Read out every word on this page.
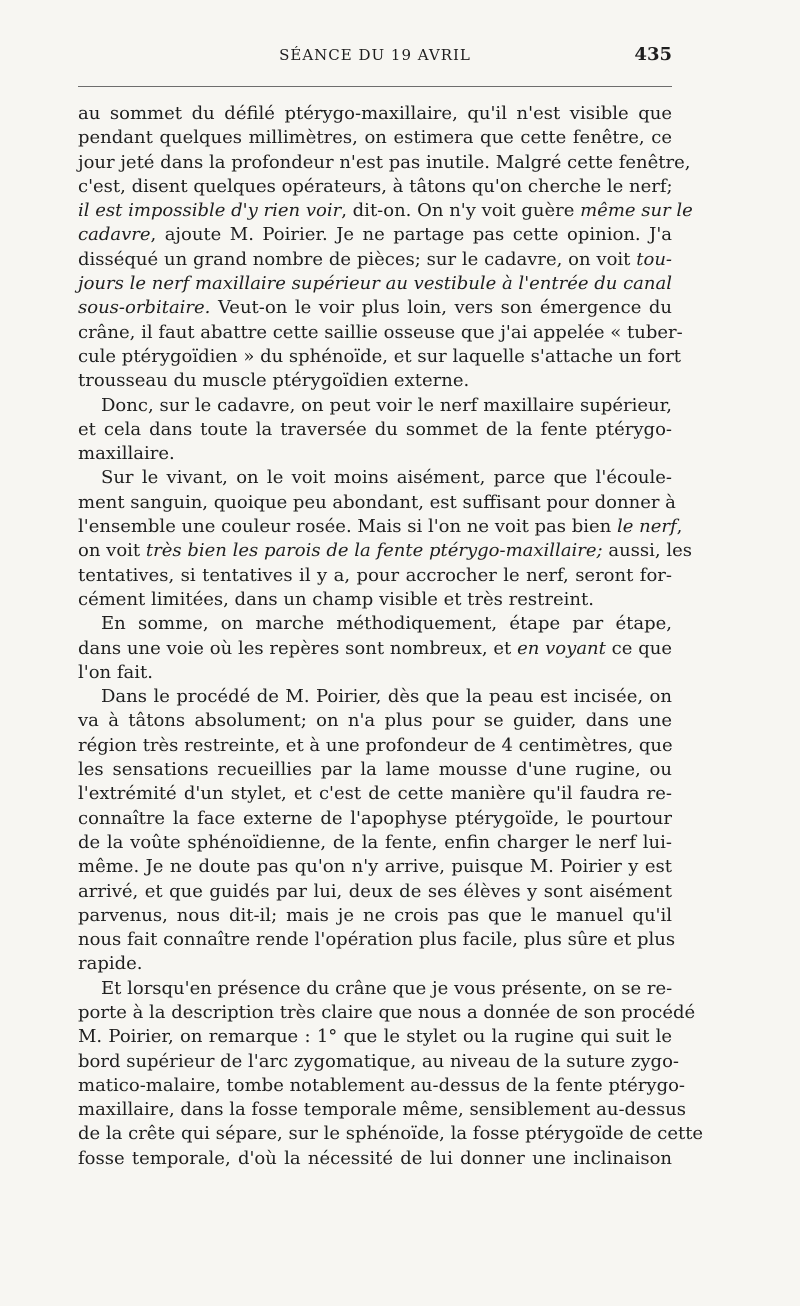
SÉANCE DU 19 AVRIL	435
au sommet du défilé ptérygo-maxillaire, qu'il n'est visible que
pendant quelques millimètres, on estimera que cette fenêtre, ce
jour jeté dans la profondeur n'est pas inutile. Malgré cette fenêtre,
c'est, disent quelques opérateurs, à tâtons qu'on cherche le nerf;
il est impossible d'y rien voir, dit-on. On n'y voit guère même sur le
cadavre, ajoute M. Poirier. Je ne partage pas cette opinion. J'a
disséqué un grand nombre de pièces; sur le cadavre, on voit tou-
jours le nerf maxillaire supérieur au vestibule à l'entrée du canal
sous-orbitaire. Veut-on le voir plus loin, vers son émergence du
crâne, il faut abattre cette saillie osseuse que j'ai appelée « tuber-
cule ptérygoïdien » du sphénoïde, et sur laquelle s'attache un fort
trousseau du muscle ptérygoïdien externe.
Donc, sur le cadavre, on peut voir le nerf maxillaire supérieur,
et cela dans toute la traversée du sommet de la fente ptérygo-
maxillaire.
Sur le vivant, on le voit moins aisément, parce que l'écoule-
ment sanguin, quoique peu abondant, est suffisant pour donner à
l'ensemble une couleur rosée. Mais si l'on ne voit pas bien le nerf,
on voit très bien les parois de la fente ptérygo-maxillaire; aussi, les
tentatives, si tentatives il y a, pour accrocher le nerf, seront for-
cément limitées, dans un champ visible et très restreint.
En somme, on marche méthodiquement, étape par étape,
dans une voie où les repères sont nombreux, et en voyant ce que
l'on fait.
Dans le procédé de M. Poirier, dès que la peau est incisée, on
va à tâtons absolument; on n'a plus pour se guider, dans une
région très restreinte, et à une profondeur de 4 centimètres, que
les sensations recueillies par la lame mousse d'une rugine, ou
l'extrémité d'un stylet, et c'est de cette manière qu'il faudra re-
connaître la face externe de l'apophyse ptérygoïde, le pourtour
de la voûte sphénoïdienne, de la fente, enfin charger le nerf lui-
même. Je ne doute pas qu'on n'y arrive, puisque M. Poirier y est
arrivé, et que guidés par lui, deux de ses élèves y sont aisément
parvenus, nous dit-il; mais je ne crois pas que le manuel qu'il
nous fait connaître rende l'opération plus facile, plus sûre et plus
rapide.
Et lorsqu'en présence du crâne que je vous présente, on se re-
porte à la description très claire que nous a donnée de son procédé
M. Poirier, on remarque : 1° que le stylet ou la rugine qui suit le
bord supérieur de l'arc zygomatique, au niveau de la suture zygo-
matico-malaire, tombe notablement au-dessus de la fente ptérygo-
maxillaire, dans la fosse temporale même, sensiblement au-dessus
de la crête qui sépare, sur le sphénoïde, la fosse ptérygoïde de cette
fosse temporale, d'où la nécessité de lui donner une inclinaison
